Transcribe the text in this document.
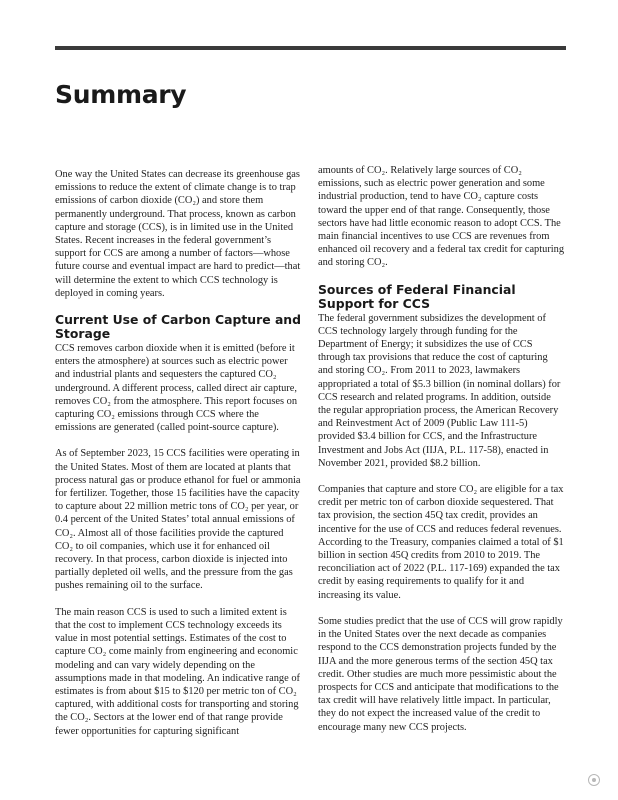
Summary

One way the United States can decrease its greenhouse gas emissions to reduce the extent of climate change is to trap emissions of carbon dioxide (CO₂) and store them permanently underground. That process, known as carbon capture and storage (CCS), is in limited use in the United States. Recent increases in the federal government’s support for CCS are among a number of factors—whose future course and eventual impact are hard to predict—that will determine the extent to which CCS technology is deployed in coming years.

Current Use of Carbon Capture and Storage

CCS removes carbon dioxide when it is emitted (before it enters the atmosphere) at sources such as electric power and industrial plants and sequesters the captured CO₂ underground. A different process, called direct air capture, removes CO₂ from the atmosphere. This report focuses on capturing CO₂ emissions through CCS where the emissions are generated (called point-source capture).

As of September 2023, 15 CCS facilities were operating in the United States. Most of them are located at plants that process natural gas or produce ethanol for fuel or ammonia for fertilizer. Together, those 15 facilities have the capacity to capture about 22 million metric tons of CO₂ per year, or 0.4 percent of the United States’ total annual emissions of CO₂. Almost all of those facilities provide the captured CO₂ to oil companies, which use it for enhanced oil recovery. In that process, carbon dioxide is injected into partially depleted oil wells, and the pressure from the gas pushes remaining oil to the surface.

The main reason CCS is used to such a limited extent is that the cost to implement CCS technology exceeds its value in most potential settings. Estimates of the cost to capture CO₂ come mainly from engineering and economic modeling and can vary widely depending on the assumptions made in that modeling. An indicative range of estimates is from about $15 to $120 per metric ton of CO₂ captured, with additional costs for transporting and storing the CO₂. Sectors at the lower end of that range provide fewer opportunities for capturing significant

amounts of CO₂. Relatively large sources of CO₂ emissions, such as electric power generation and some industrial production, tend to have CO₂ capture costs toward the upper end of that range. Consequently, those sectors have had little economic reason to adopt CCS. The main financial incentives to use CCS are revenues from enhanced oil recovery and a federal tax credit for capturing and storing CO₂.

Sources of Federal Financial Support for CCS

The federal government subsidizes the development of CCS technology largely through funding for the Department of Energy; it subsidizes the use of CCS through tax provisions that reduce the cost of capturing and storing CO₂. From 2011 to 2023, lawmakers appropriated a total of $5.3 billion (in nominal dollars) for CCS research and related programs. In addition, outside the regular appropriation process, the American Recovery and Reinvestment Act of 2009 (Public Law 111-5) provided $3.4 billion for CCS, and the Infrastructure Investment and Jobs Act (IIJA, P.L. 117-58), enacted in November 2021, provided $8.2 billion.

Companies that capture and store CO₂ are eligible for a tax credit per metric ton of carbon dioxide sequestered. That tax provision, the section 45Q tax credit, provides an incentive for the use of CCS and reduces federal revenues. According to the Treasury, companies claimed a total of $1 billion in section 45Q credits from 2010 to 2019. The reconciliation act of 2022 (P.L. 117-169) expanded the tax credit by easing requirements to qualify for it and increasing its value.

Some studies predict that the use of CCS will grow rapidly in the United States over the next decade as companies respond to the CCS demonstration projects funded by the IIJA and the more generous terms of the section 45Q tax credit. Other studies are much more pessimistic about the prospects for CCS and anticipate that modifications to the tax credit will have relatively little impact. In particular, they do not expect the increased value of the credit to encourage many new CCS projects.
